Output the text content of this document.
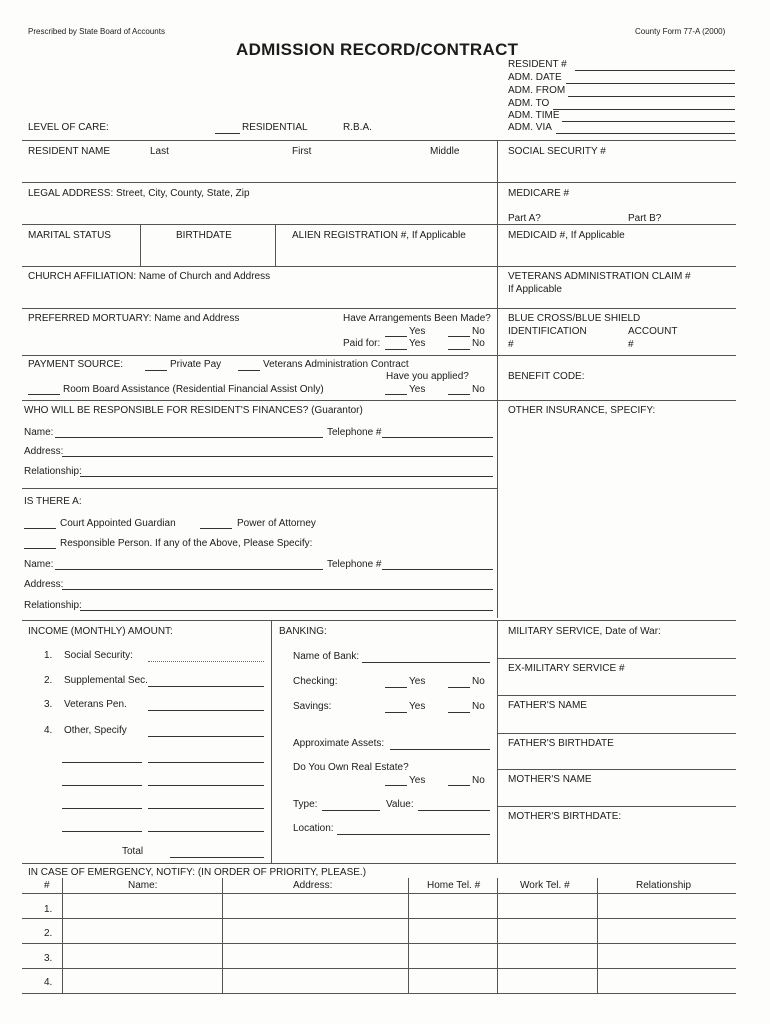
Prescribed by State Board of Accounts	County Form 77-A (2000)
ADMISSION RECORD/CONTRACT
RESIDENT #
ADM. DATE
ADM. FROM
ADM. TO
ADM. TIME
ADM. VIA
LEVEL OF CARE:	RESIDENTIAL	R.B.A.
RESIDENT NAME	Last	First	Middle	SOCIAL SECURITY #
LEGAL ADDRESS: Street, City, County, State, Zip	MEDICARE #
Part A?	Part B?
MARITAL STATUS	BIRTHDATE	ALIEN REGISTRATION #, If Applicable	MEDICAID #, If Applicable
CHURCH AFFILIATION: Name of Church and Address	VETERANS ADMINISTRATION CLAIM #
If Applicable
PREFERRED MORTUARY: Name and Address	Have Arrangements Been Made?
Yes	No
Paid for:	Yes	No
BLUE CROSS/BLUE SHIELD
IDENTIFICATION	ACCOUNT
#	#
PAYMENT SOURCE:	Private Pay	Veterans Administration Contract
Have you applied?
Yes	No
Room Board Assistance (Residential Financial Assist Only)
BENEFIT CODE:
WHO WILL BE RESPONSIBLE FOR RESIDENT'S FINANCES? (Guarantor)	OTHER INSURANCE, SPECIFY:
Name:	Telephone #
Address:
Relationship:
IS THERE A:
Court Appointed Guardian	Power of Attorney
Responsible Person. If any of the Above, Please Specify:
Name:	Telephone #
Address:
Relationship:
INCOME (MONTHLY) AMOUNT:
1. Social Security:
2. Supplemental Sec.
3. Veterans Pen.
4. Other, Specify
Total
BANKING:
Name of Bank:
Checking:	Yes	No
Savings:	Yes	No
Approximate Assets:
Do You Own Real Estate?
Yes	No
Type:	Value:
Location:
MILITARY SERVICE, Date of War:
EX-MILITARY SERVICE #
FATHER'S NAME
FATHER'S BIRTHDATE
MOTHER'S NAME
MOTHER'S BIRTHDATE:
IN CASE OF EMERGENCY, NOTIFY: (IN ORDER OF PRIORITY, PLEASE.)
#	Name:	Address:	Home Tel. #	Work Tel. #	Relationship
1.
2.
3.
4.
